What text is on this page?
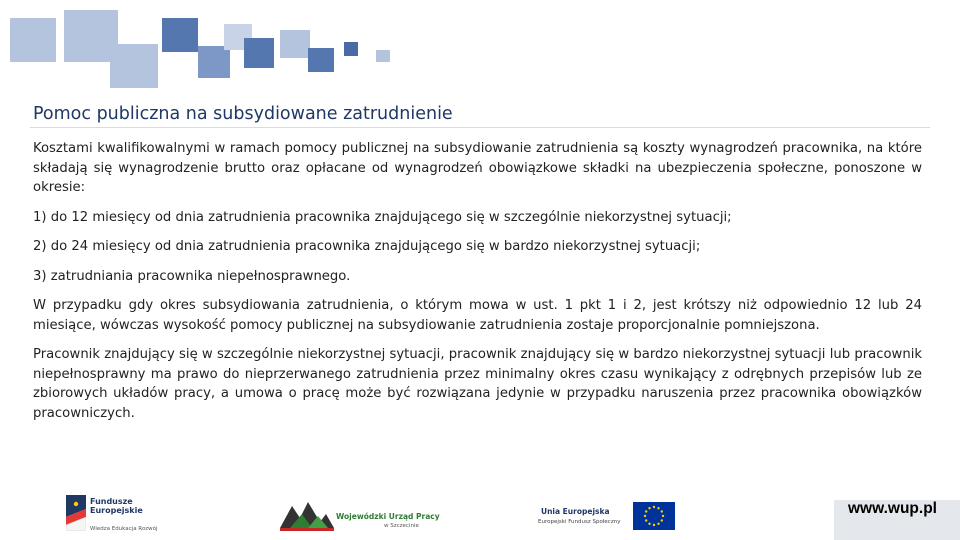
Pomoc publiczna na subsydiowane zatrudnienie

Kosztami kwalifikowalnymi w ramach pomocy publicznej na subsydiowanie zatrudnienia są koszty wynagrodzeń pracownika, na które składają się wynagrodzenie brutto oraz opłacane od wynagrodzeń obowiązkowe składki na ubezpieczenia społeczne, ponoszone w okresie:

1) do 12 miesięcy od dnia zatrudnienia pracownika znajdującego się w szczególnie niekorzystnej sytuacji;

2) do 24 miesięcy od dnia zatrudnienia pracownika znajdującego się w bardzo niekorzystnej sytuacji;

3) zatrudniania pracownika niepełnosprawnego.

W przypadku gdy okres subsydiowania zatrudnienia, o którym mowa w ust. 1 pkt 1 i 2, jest krótszy niż odpowiednio 12 lub 24 miesiące, wówczas wysokość pomocy publicznej na subsydiowanie zatrudnienia zostaje proporcjonalnie pomniejszona.

Pracownik znajdujący się w szczególnie niekorzystnej sytuacji, pracownik znajdujący się w bardzo niekorzystnej sytuacji lub pracownik niepełnosprawny ma prawo do nieprzerwanego zatrudnienia przez minimalny okres czasu wynikający z odrębnych przepisów lub ze zbiorowych układów pracy, a umowa o pracę może być rozwiązana jedynie w przypadku naruszenia przez pracownika obowiązków pracowniczych.

Fundusze
Europejskie
Wiedza Edukacja Rozwój
Wojewódzki Urząd Pracy
w Szczecinie
Unia Europejska
Europejski Fundusz Społeczny
www.wup.pl
